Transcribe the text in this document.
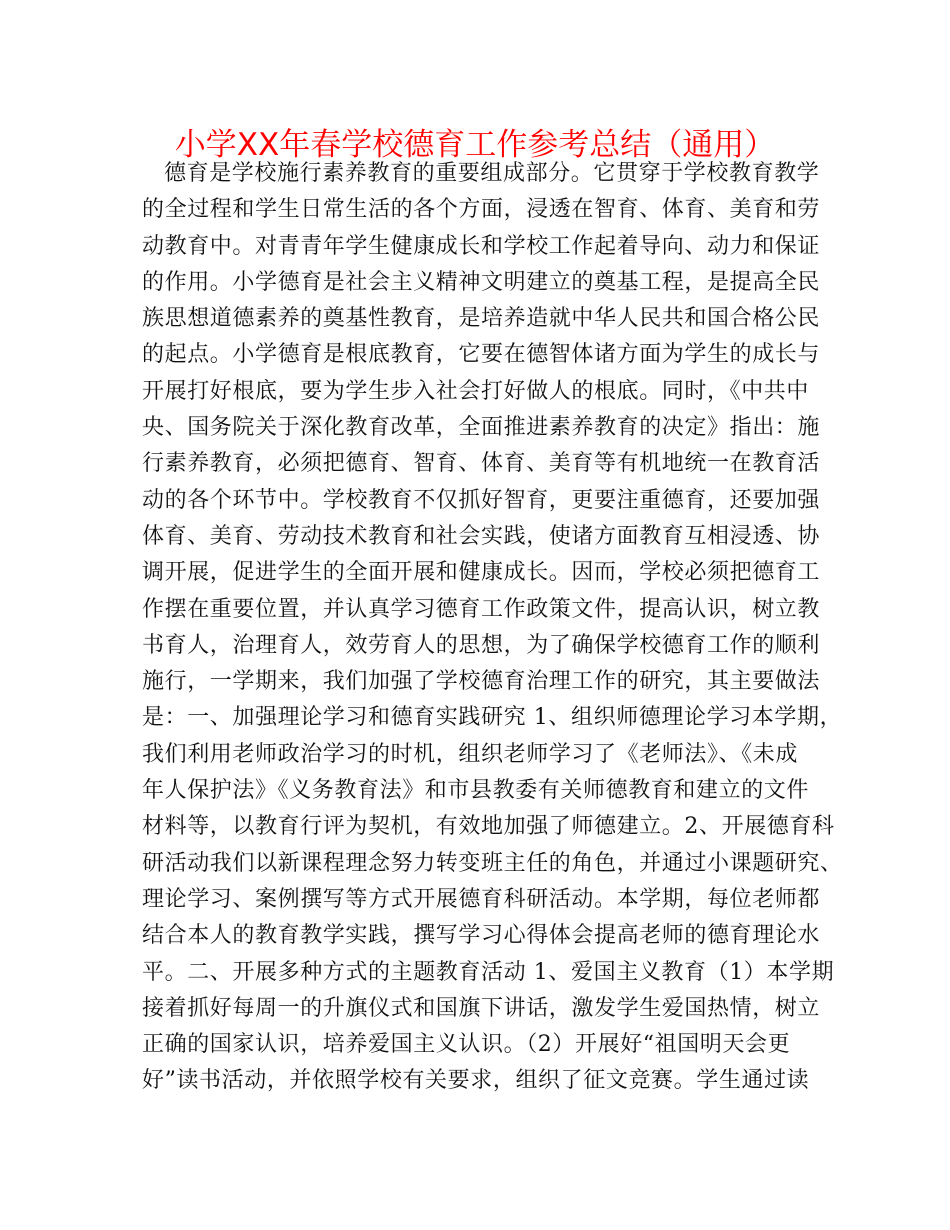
小学XX年春学校德育工作参考总结（通用）
德育是学校施行素养教育的重要组成部分。它贯穿于学校教育教学
的全过程和学生日常生活的各个方面，浸透在智育、体育、美育和劳
动教育中。对青青年学生健康成长和学校工作起着导向、动力和保证
的作用。小学德育是社会主义精神文明建立的奠基工程，是提高全民
族思想道德素养的奠基性教育，是培养造就中华人民共和国合格公民
的起点。小学德育是根底教育，它要在德智体诸方面为学生的成长与
开展打好根底，要为学生步入社会打好做人的根底。同时，《中共中
央、国务院关于深化教育改革，全面推进素养教育的决定》指出：施
行素养教育，必须把德育、智育、体育、美育等有机地统一在教育活
动的各个环节中。学校教育不仅抓好智育，更要注重德育，还要加强
体育、美育、劳动技术教育和社会实践，使诸方面教育互相浸透、协
调开展，促进学生的全面开展和健康成长。因而，学校必须把德育工
作摆在重要位置，并认真学习德育工作政策文件，提高认识，树立教
书育人，治理育人，效劳育人的思想，为了确保学校德育工作的顺利
施行，一学期来，我们加强了学校德育治理工作的研究，其主要做法
是：一、加强理论学习和德育实践研究 1、组织师德理论学习本学期，
我们利用老师政治学习的时机，组织老师学习了《老师法》、《未成
年人保护法》《义务教育法》和市县教委有关师德教育和建立的文件
材料等，以教育行评为契机，有效地加强了师德建立。2、开展德育科
研活动我们以新课程理念努力转变班主任的角色，并通过小课题研究、
理论学习、案例撰写等方式开展德育科研活动。本学期，每位老师都
结合本人的教育教学实践，撰写学习心得体会提高老师的德育理论水
平。二、开展多种方式的主题教育活动 1、爱国主义教育（1）本学期
接着抓好每周一的升旗仪式和国旗下讲话，激发学生爱国热情，树立
正确的国家认识，培养爱国主义认识。（2）开展好“祖国明天会更
好”读书活动，并依照学校有关要求，组织了征文竞赛。学生通过读
